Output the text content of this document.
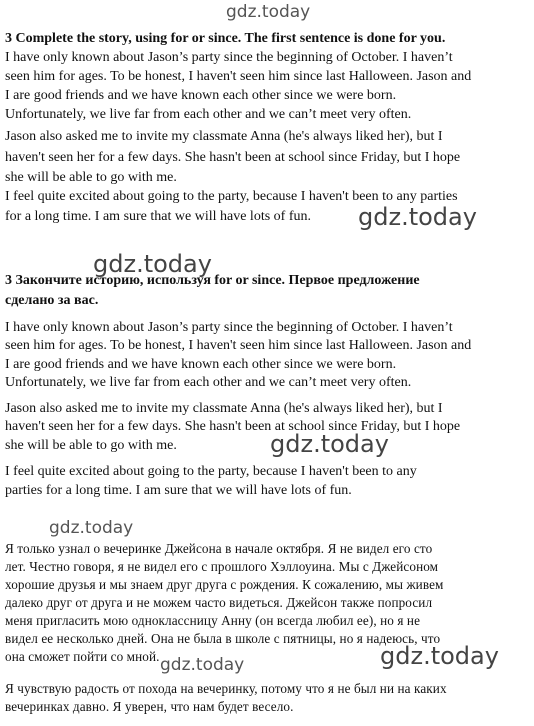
gdz.today
gdz.today
gdz.today
gdz.today
gdz.today
gdz.today
gdz.today
3 Complete the story, using for or since. The first sentence is done for you.
I have only known about Jason’s party since the beginning of October. I haven’t
seen him for ages. To be honest, I haven't seen him since last Halloween. Jason and
I are good friends and we have known each other since we were born.
Unfortunately, we live far from each other and we can’t meet very often.
Jason also asked me to invite my classmate Anna (he's always liked her), but I
haven't seen her for a few days. She hasn't been at school since Friday, but I hope
she will be able to go with me.
I feel quite excited about going to the party, because I haven't been to any parties
for a long time. I am sure that we will have lots of fun.
3 Закончите историю, используя for or since. Первое предложение
сделано за вас.
I have only known about Jason’s party since the beginning of October. I haven’t
seen him for ages. To be honest, I haven't seen him since last Halloween. Jason and
I are good friends and we have known each other since we were born.
Unfortunately, we live far from each other and we can’t meet very often.
Jason also asked me to invite my classmate Anna (he's always liked her), but I
haven't seen her for a few days. She hasn't been at school since Friday, but I hope
she will be able to go with me.
I feel quite excited about going to the party, because I haven't been to any
parties for a long time. I am sure that we will have lots of fun.
Я только узнал о вечеринке Джейсона в начале октября. Я не видел его сто
лет. Честно говоря, я не видел его с прошлого Хэллоуина. Мы с Джейсоном
хорошие друзья и мы знаем друг друга с рождения. К сожалению, мы живем
далеко друг от друга и не можем часто видеться. Джейсон также попросил
меня пригласить мою одноклассницу Анну (он всегда любил ее), но я не
видел ее несколько дней. Она не была в школе с пятницы, но я надеюсь, что
она сможет пойти со мной.
Я чувствую радость от похода на вечеринку, потому что я не был ни на каких
вечеринках давно. Я уверен, что нам будет весело.
